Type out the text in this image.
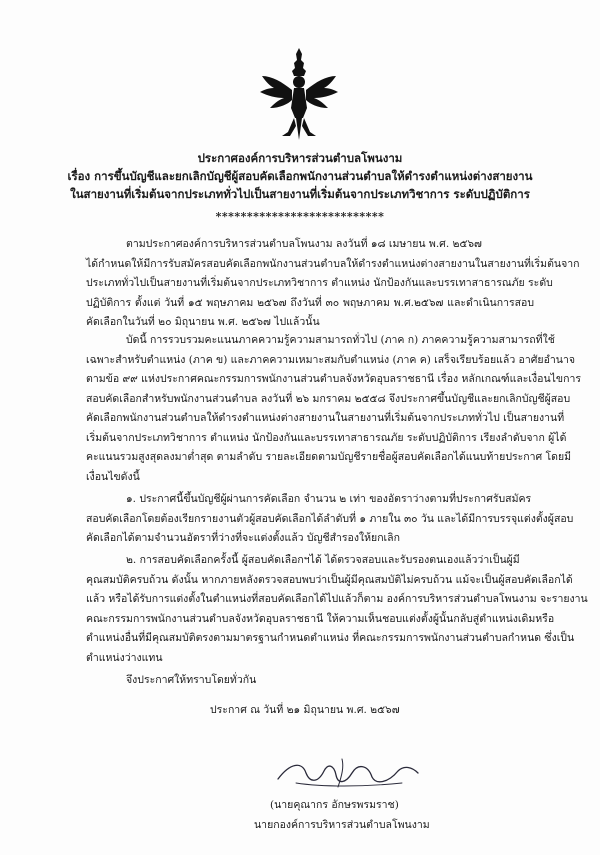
ประกาศองค์การบริหารส่วนตำบลโพนงาม
เรื่อง การขึ้นบัญชีและยกเลิกบัญชีผู้สอบคัดเลือกพนักงานส่วนตำบลให้ดำรงตำแหน่งต่างสายงาน
ในสายงานที่เริ่มต้นจากประเภททั่วไปเป็นสายงานที่เริ่มต้นจากประเภทวิชาการ ระดับปฏิบัติการ
***************************
ตามประกาศองค์การบริหารส่วนตำบลโพนงาม ลงวันที่ ๑๘ เมษายน พ.ศ. ๒๕๖๗
ได้กำหนดให้มีการรับสมัครสอบคัดเลือกพนักงานส่วนตำบลให้ดำรงตำแหน่งต่างสายงานในสายงานที่เริ่มต้นจาก
ประเภททั่วไปเป็นสายงานที่เริ่มต้นจากประเภทวิชาการ ตำแหน่ง นักป้องกันและบรรเทาสาธารณภัย ระดับ
ปฏิบัติการ ตั้งแต่ วันที่ ๑๕ พฤษภาคม ๒๕๖๗ ถึงวันที่ ๓๐ พฤษภาคม พ.ศ.๒๕๖๗ และดำเนินการสอบ
คัดเลือกในวันที่ ๒๐ มิถุนายน พ.ศ. ๒๕๖๗ ไปแล้วนั้น
บัดนี้ การรวบรวมคะแนนภาคความรู้ความสามารถทั่วไป (ภาค ก) ภาคความรู้ความสามารถที่ใช้
เฉพาะสำหรับตำแหน่ง (ภาค ข) และภาคความเหมาะสมกับตำแหน่ง (ภาค ค) เสร็จเรียบร้อยแล้ว อาศัยอำนาจ
ตามข้อ ๙๙ แห่งประกาศคณะกรรมการพนักงานส่วนตำบลจังหวัดอุบลราชธานี เรื่อง หลักเกณฑ์และเงื่อนไขการ
สอบคัดเลือกสำหรับพนักงานส่วนตำบล ลงวันที่ ๒๖ มกราคม ๒๕๕๘ จึงประกาศขึ้นบัญชีและยกเลิกบัญชีผู้สอบ
คัดเลือกพนักงานส่วนตำบลให้ดำรงตำแหน่งต่างสายงานในสายงานที่เริ่มต้นจากประเภททั่วไป เป็นสายงานที่
เริ่มต้นจากประเภทวิชาการ ตำแหน่ง นักป้องกันและบรรเทาสาธารณภัย ระดับปฏิบัติการ เรียงลำดับจาก ผู้ได้
คะแนนรวมสูงสุดลงมาต่ำสุด ตามลำดับ รายละเอียดตามบัญชีรายชื่อผู้สอบคัดเลือกได้แนบท้ายประกาศ โดยมี
เงื่อนไขดังนี้
๑. ประกาศนี้ขึ้นบัญชีผู้ผ่านการคัดเลือก จำนวน ๒ เท่า ของอัตราว่างตามที่ประกาศรับสมัคร
สอบคัดเลือกโดยต้องเรียกรายงานตัวผู้สอบคัดเลือกได้ลำดับที่ ๑ ภายใน ๓๐ วัน และได้มีการบรรจุแต่งตั้งผู้สอบ
คัดเลือกได้ตามจำนวนอัตราที่ว่างที่จะแต่งตั้งแล้ว บัญชีสำรองให้ยกเลิก
๒. การสอบคัดเลือกครั้งนี้ ผู้สอบคัดเลือกฯได้ ได้ตรวจสอบและรับรองตนเองแล้วว่าเป็นผู้มี
คุณสมบัติครบถ้วน ดังนั้น หากภายหลังตรวจสอบพบว่าเป็นผู้มีคุณสมบัติไม่ครบถ้วน แม้จะเป็นผู้สอบคัดเลือกได้
แล้ว หรือได้รับการแต่งตั้งในตำแหน่งที่สอบคัดเลือกได้ไปแล้วก็ตาม องค์การบริหารส่วนตำบลโพนงาม จะรายงาน
คณะกรรมการพนักงานส่วนตำบลจังหวัดอุบลราชธานี ให้ความเห็นชอบแต่งตั้งผู้นั้นกลับสู่ตำแหน่งเดิมหรือ
ตำแหน่งอื่นที่มีคุณสมบัติตรงตามมาตรฐานกำหนดตำแหน่ง ที่คณะกรรมการพนักงานส่วนตำบลกำหนด ซึ่งเป็น
ตำแหน่งว่างแทน
จึงประกาศให้ทราบโดยทั่วกัน
ประกาศ ณ วันที่ ๒๑ มิถุนายน พ.ศ. ๒๕๖๗
(นายคุณากร อักษรพรมราช)
นายกองค์การบริหารส่วนตำบลโพนงาม
